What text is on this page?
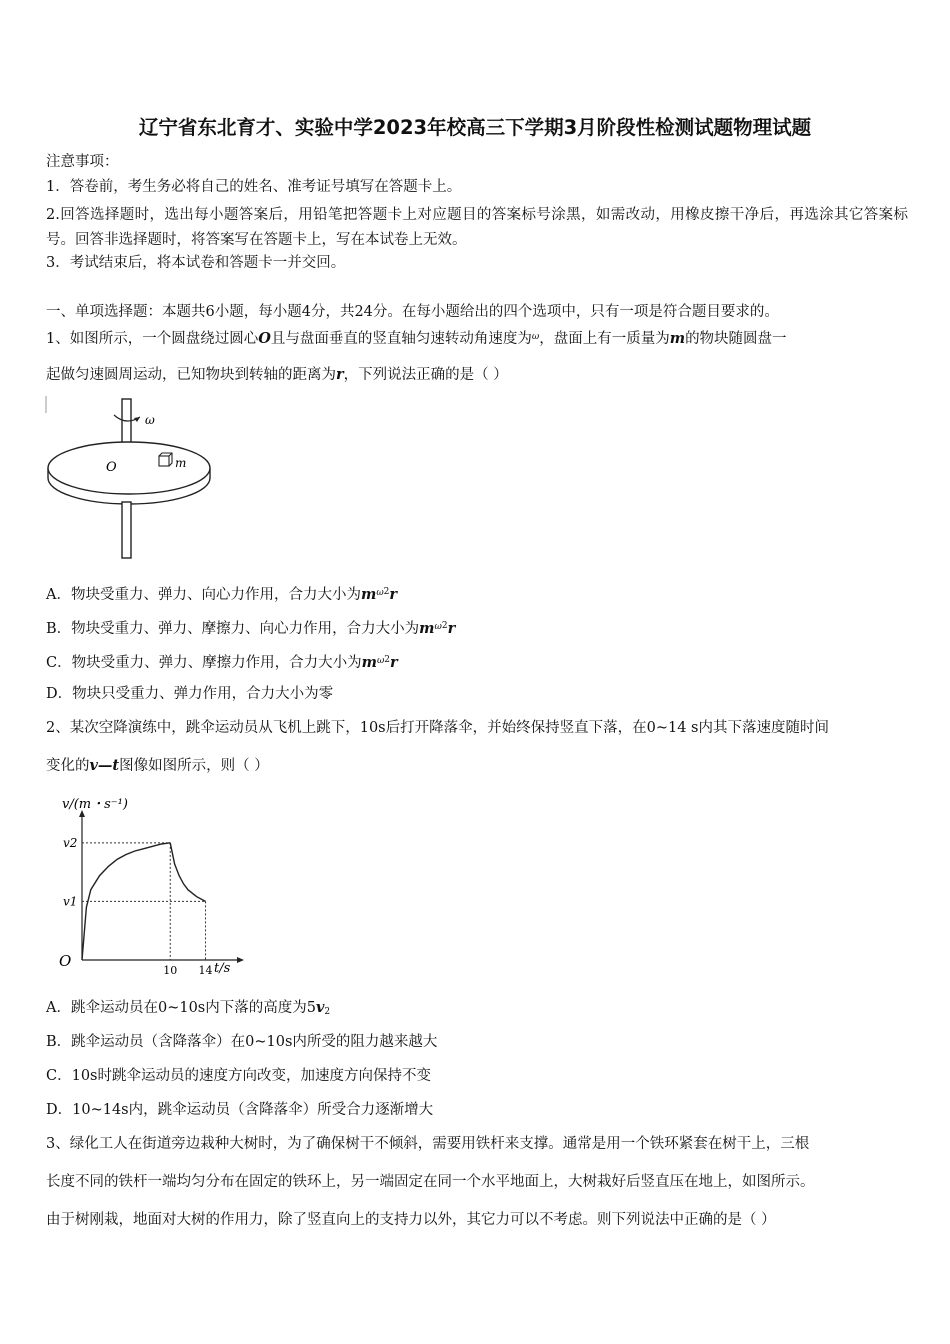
辽宁省东北育才、实验中学2023年校高三下学期3月阶段性检测试题物理试题
注意事项：
1．答卷前，考生务必将自己的姓名、准考证号填写在答题卡上。
2.回答选择题时，选出每小题答案后，用铅笔把答题卡上对应题目的答案标号涂黑，如需改动，用橡皮擦干净后，再选涂其它答案标号。回答非选择题时，将答案写在答题卡上，写在本试卷上无效。
3．考试结束后，将本试卷和答题卡一并交回。
一、单项选择题：本题共6小题，每小题4分，共24分。在每小题给出的四个选项中，只有一项是符合题目要求的。
1、如图所示，一个圆盘绕过圆心O且与盘面垂直的竖直轴匀速转动角速度为$^\omega$，盘面上有一质量为m的物块随圆盘一
起做匀速圆周运动，已知物块到转轴的距离为r，下列说法正确的是（ ）
ω
O	m
A．物块受重力、弹力、向心力作用，合力大小为$m^{\omega 2}r$
B．物块受重力、弹力、摩擦力、向心力作用，合力大小为$m^{\omega 2}r$
C．物块受重力、弹力、摩擦力作用，合力大小为$m^{\omega 2}r$
D．物块只受重力、弹力作用，合力大小为零
2、某次空降演练中，跳伞运动员从飞机上跳下，10s后打开降落伞，并始终保持竖直下落，在0~14 s内其下落速度随时间
变化的v—t图像如图所示，则（ ）
v/(m・s⁻¹)
v2
v1
O
10 14 t/s
A．跳伞运动员在0~10s内下落的高度为$5v_2$
B．跳伞运动员（含降落伞）在0~10s内所受的阻力越来越大
C．10s时跳伞运动员的速度方向改变，加速度方向保持不变
D．10~14s内，跳伞运动员（含降落伞）所受合力逐渐增大
3、绿化工人在街道旁边栽种大树时，为了确保树干不倾斜，需要用铁杆来支撑。通常是用一个铁环紧套在树干上，三根
长度不同的铁杆一端均匀分布在固定的铁环上，另一端固定在同一个水平地面上，大树栽好后竖直压在地上，如图所示。
由于树刚栽，地面对大树的作用力，除了竖直向上的支持力以外，其它力可以不考虑。则下列说法中正确的是（ ）
